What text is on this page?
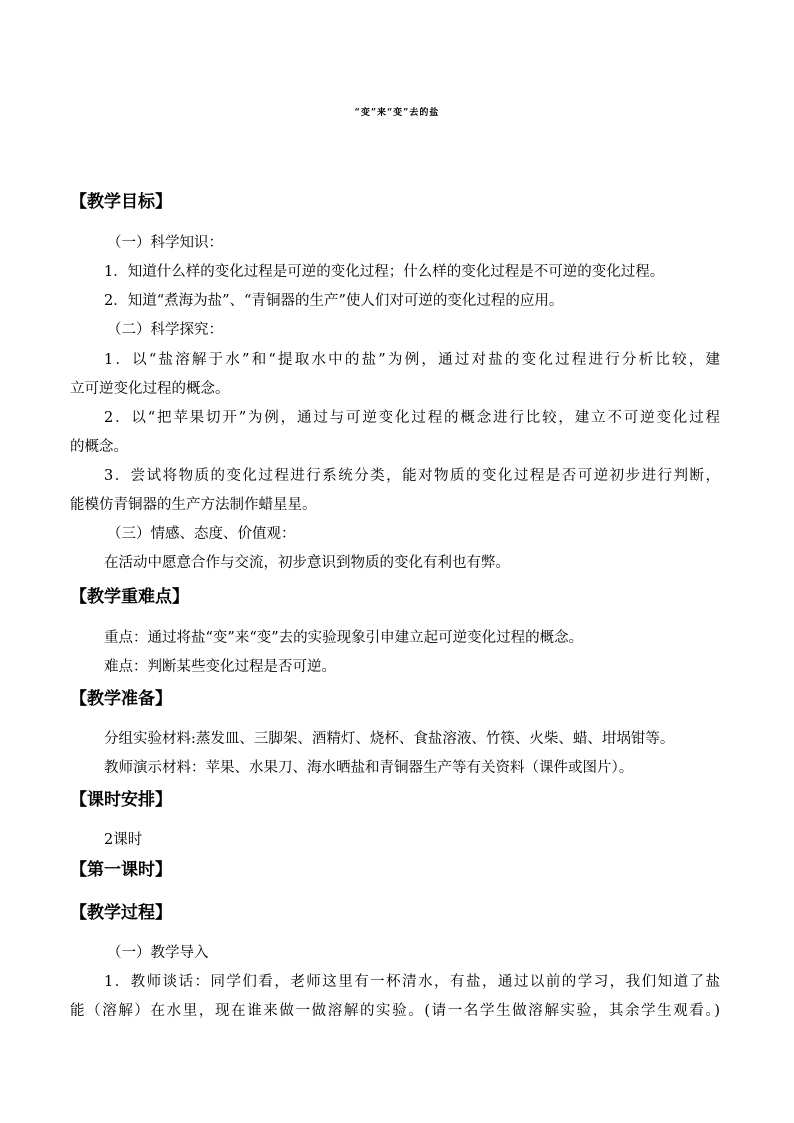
“变”来“变”去的盐
【教学目标】
（一）科学知识：
1．知道什么样的变化过程是可逆的变化过程；什么样的变化过程是不可逆的变化过程。
2．知道“煮海为盐”、“青铜器的生产”使人们对可逆的变化过程的应用。
（二）科学探究：
1．以“盐溶解于水”和“提取水中的盐”为例，通过对盐的变化过程进行分析比较，建
立可逆变化过程的概念。
2．以“把苹果切开”为例，通过与可逆变化过程的概念进行比较，建立不可逆变化过程
的概念。
3．尝试将物质的变化过程进行系统分类，能对物质的变化过程是否可逆初步进行判断，
能模仿青铜器的生产方法制作蜡星星。
（三）情感、态度、价值观：
在活动中愿意合作与交流，初步意识到物质的变化有利也有弊。
【教学重难点】
重点：通过将盐“变”来“变”去的实验现象引申建立起可逆变化过程的概念。
难点：判断某些变化过程是否可逆。
【教学准备】
分组实验材料:蒸发皿、三脚架、酒精灯、烧杯、食盐溶液、竹筷、火柴、蜡、坩埚钳等。
教师演示材料：苹果、水果刀、海水晒盐和青铜器生产等有关资料（课件或图片）。
【课时安排】
2课时
【第一课时】
【教学过程】
（一）教学导入
1．教师谈话：同学们看，老师这里有一杯清水，有盐，通过以前的学习，我们知道了盐
能（溶解）在水里，现在谁来做一做溶解的实验。(请一名学生做溶解实验，其余学生观看。)
